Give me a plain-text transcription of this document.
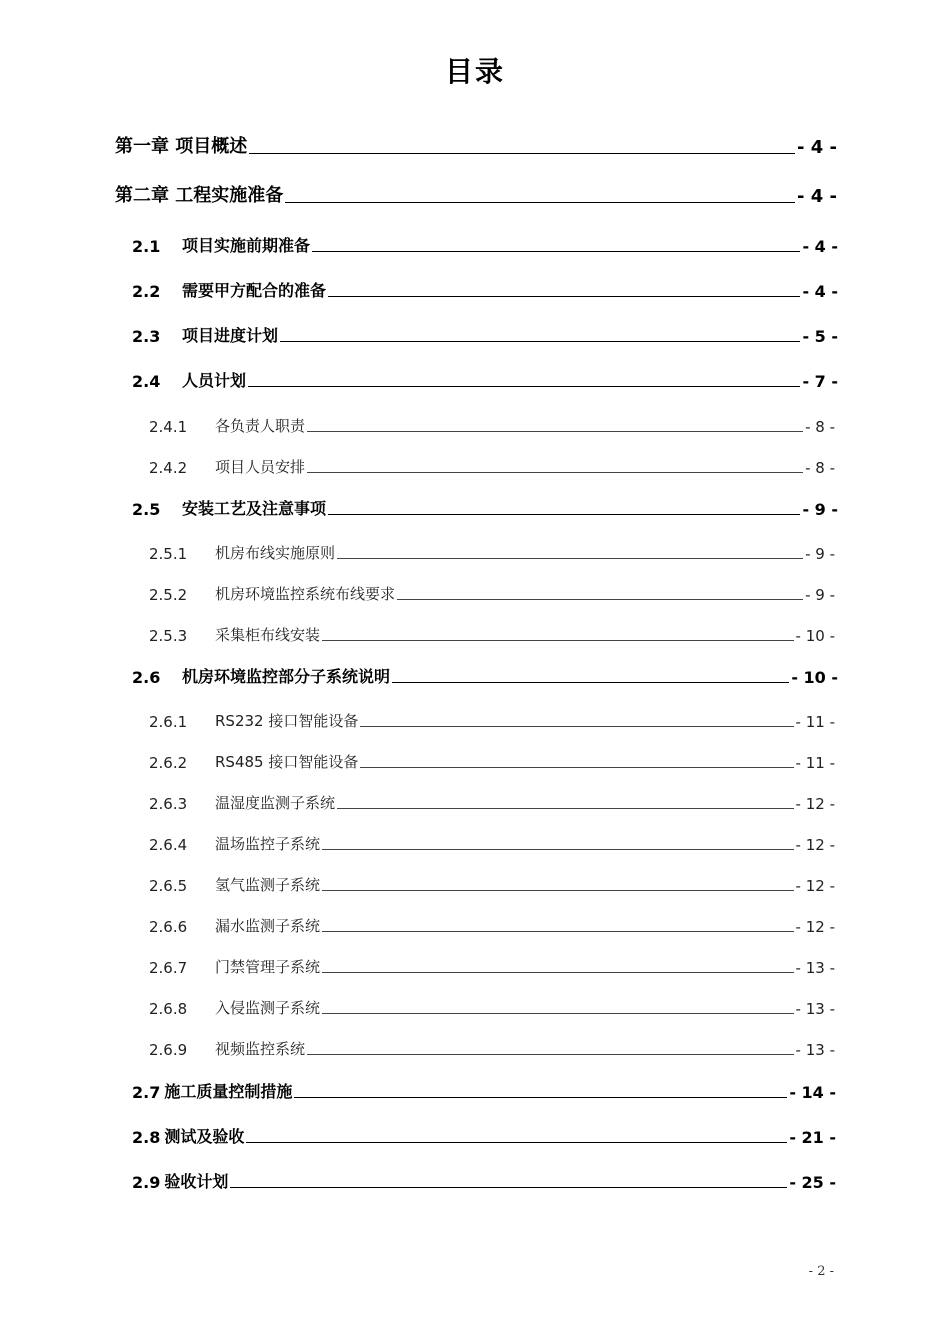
目录
第一章 项目概述	- 4 -
第二章 工程实施准备	- 4 -
2.1	项目实施前期准备	- 4 -
2.2	需要甲方配合的准备	- 4 -
2.3	项目进度计划	- 5 -
2.4	人员计划	- 7 -
2.4.1	各负责人职责	- 8 -
2.4.2	项目人员安排	- 8 -
2.5	安装工艺及注意事项	- 9 -
2.5.1	机房布线实施原则	- 9 -
2.5.2	机房环境监控系统布线要求	- 9 -
2.5.3	采集柜布线安装	- 10 -
2.6	机房环境监控部分子系统说明	- 10 -
2.6.1	RS232 接口智能设备	- 11 -
2.6.2	RS485 接口智能设备	- 11 -
2.6.3	温湿度监测子系统	- 12 -
2.6.4	温场监控子系统	- 12 -
2.6.5	氢气监测子系统	- 12 -
2.6.6	漏水监测子系统	- 12 -
2.6.7	门禁管理子系统	- 13 -
2.6.8	入侵监测子系统	- 13 -
2.6.9	视频监控系统	- 13 -
2.7 施工质量控制措施	- 14 -
2.8 测试及验收	- 21 -
2.9 验收计划	- 25 -
- 2 -
